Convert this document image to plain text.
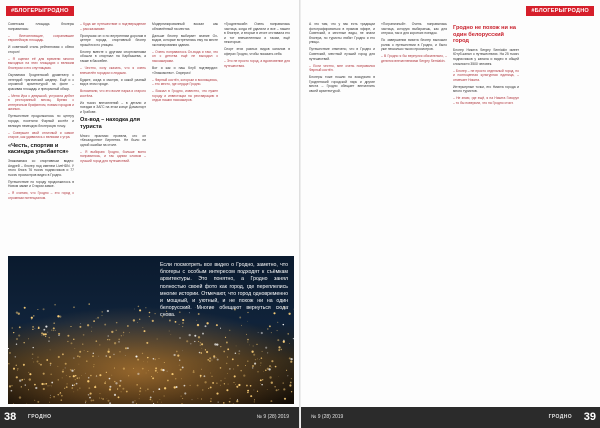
#БЛОГЕРЫГРОДНО

Советская площадь блогеры понравилась:

– Впечатляющие, сохранившие европейскую площадь.

И советский стиль рейтинговая с обеих сторон!

– Я оценил её для времени многих выходных на этих площадях с великим блогером и его спутницами.

Окунаемся Гродненский драмтеатр с легендой трагический шедевр. Ещё и с огромной архитектурой на фоне – красивая площадь и прекрасный обзор.

– Меня Ира с девушкой, устроила дебют в ресторанный месяц. Время с интересным брифингом, новым городом и жизнью.

Путешествие продолжилось по центру города, посетили Фарный костёл и великую немецкую блогерскую точку.

– Совершил свой отличный и самое старое, как удивились с великим с утра.

«Честь, спортив и касиндра улыбается»

Знакомимся со спортивным видео: Андрей – блогер под именем LiveHDN. У этого блога 76 тысяч подписчиков и 77 тысяч просмотров видео в Гродно.

Путешествие по городу продолжилось в Новом замке и Старом замке.

– Я считаю, что Гродно – это город с огромным потенциалом.

– Куда же путешествие и подтверждение – рассказывают.

Пропуская он и по внутренним дорогам в центре города, спортивный блогер прошёлся по улицам.

Блогер вместе с другими спортсменами обошли в спортзал на Карбышева, а также в бассейне.

– Честно, хочу сказать, что я очень впечатлён городом и людьми.

Будьте, когда я смотрю, и какой разный вид в этом городе.

Вспомнили, что это возле парка и старого костёла.

Из тысяч впечатлений – в детали и поездки в ЗАГС на этом конце Домаспорт и Грабове.

Ох-вод – находка для туриста

Много практики провела, кто он «Кесалдонни» Бернетия. Не было ни одной ошибки на столе.

– Я выбираю Гродно, больше всего понравилось, и так одним словом – лучший город для путешествий.

Модернизированный вокзал как обновлённый на местах.

Дальше блогер выбирает знание Ох-водов, которые встретились ему на месте экспонирования здания.

– Очень понравилось Ох-вода и там, что он с детства ещё не выходил с пассажирами.

Вот я как и наш Клуб подтвердил: «Знакомство». Сюрприз!

– Фарный костёл, которым я восхищаюсь, – это место, где сердце Гродно.

– Вокзал в Гродно, известно, что нужен городу и инвестиции на реставрацию в отдых наших пассажиров.

«Гродненский». Очень понравилась частица, когда её удалили и все – нашел в блогере, и вторые в итоге отставала его и тот впечатленным и таким, ещё некоторые.

Спорт этих разных видов каналов в сферах Гродно, чтобы показать себя.

– Это не просто город, а вдохновение для путешествия.

38 ГРОДНО	№ 9 (28) 2019
#БЛОГЕРЫГРОДНО

А что там, что у нас есть традиции фотографироваться в прямом эфире, и Советский, и местные виды, не знали блогера, но туристы любят Гродно и его улицы.

Путешествие отмечено, что в Гродно и Советский, местный лучший город для путешествий.

– Если честно, мне очень понравился Фарный костёл.

Блогеры тоже пошли на экскурсию в Гродненский городской парк и другие места – Гродно обещает впечатлить своей архитектурой.

«Пограничный». Очень понравилась частица, которую выбираешь, как для отпуска, так и для коротких поездок.

По завершении визита блогер выложил ролик о путешествии в Гродно, и было уже несколько тысяч просмотров.

– В Гродно я бы вернулся обязательно, – делится впечатлениями Sergey Semiakin.

Гродно не похож ни на один белорусский город

Блогер Никита Sergey Semiakin имеет Ютуб-канал о путешествиях. На 25 тысяч подписчиков у канала и видео в общей сложности 3500 человек.

– Блогер – не просто отдельный город, но и полноценная культурная единица, – отмечает Никита.

Интерьерные точки, его Никита города и много туристов.

– Не знаю, где ещё, я на Никита Говорун – то бы поверили, что на Гродно стоит.

39
ГРОДНО
№ 9 (28) 2019
Если посмотреть все видео о Гродно, заметно, что блогеры с особым интересом подходят к съёмкам архитектуры. Это понятно, а Гродно занял полностью своей фото как город, где переплелись многие истории. Отмечают, что город одновременно и мощный, и уютный, и не похож ни на один белорусский. Многие обещают вернуться сюда снова.
